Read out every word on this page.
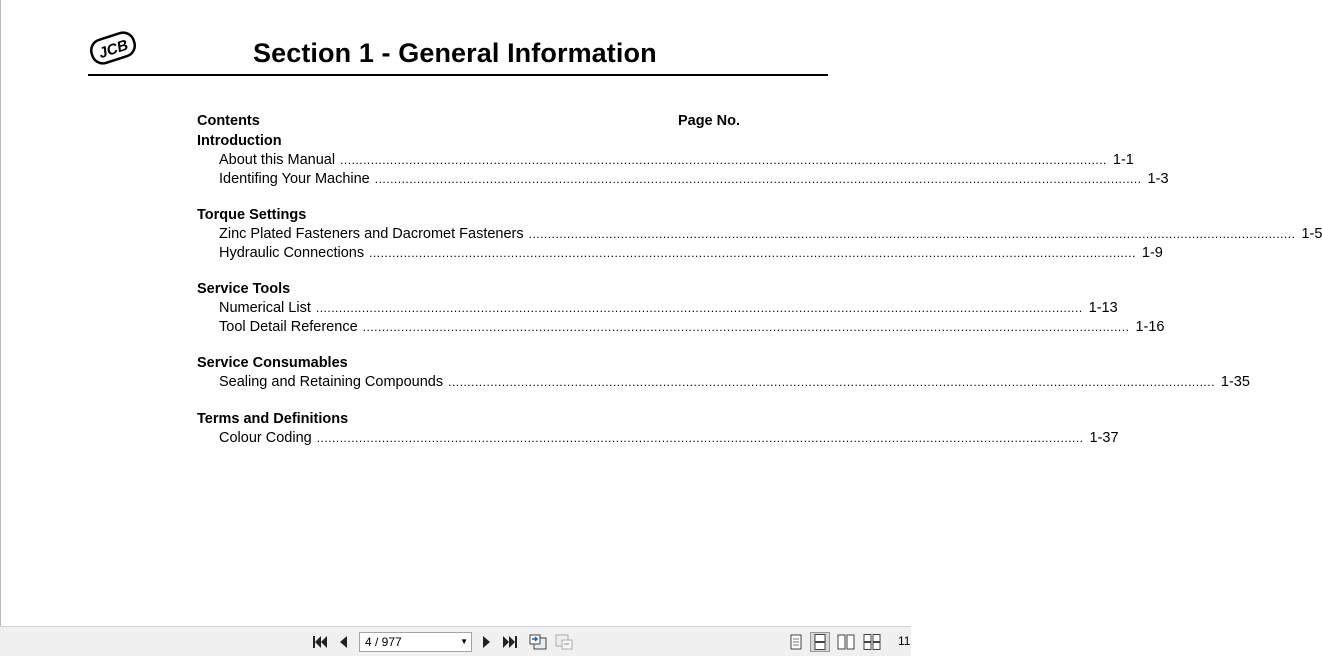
JCB	Section 1 - General Information
Contents	Page No.
Introduction
About this Manual ........................................................................................................................................................................................................ 1-1
Identifing Your Machine ........................................................................................................................................................................................................ 1-3
Torque Settings
Zinc Plated Fasteners and Dacromet Fasteners ........................................................................................................................................................................................................ 1-5
Hydraulic Connections ........................................................................................................................................................................................................ 1-9
Service Tools
Numerical List ........................................................................................................................................................................................................ 1-13
Tool Detail Reference ........................................................................................................................................................................................................ 1-16
Service Consumables
Sealing and Retaining Compounds ........................................................................................................................................................................................................ 1-35
Terms and Definitions
Colour Coding ........................................................................................................................................................................................................ 1-37
4 / 977	▼	11
